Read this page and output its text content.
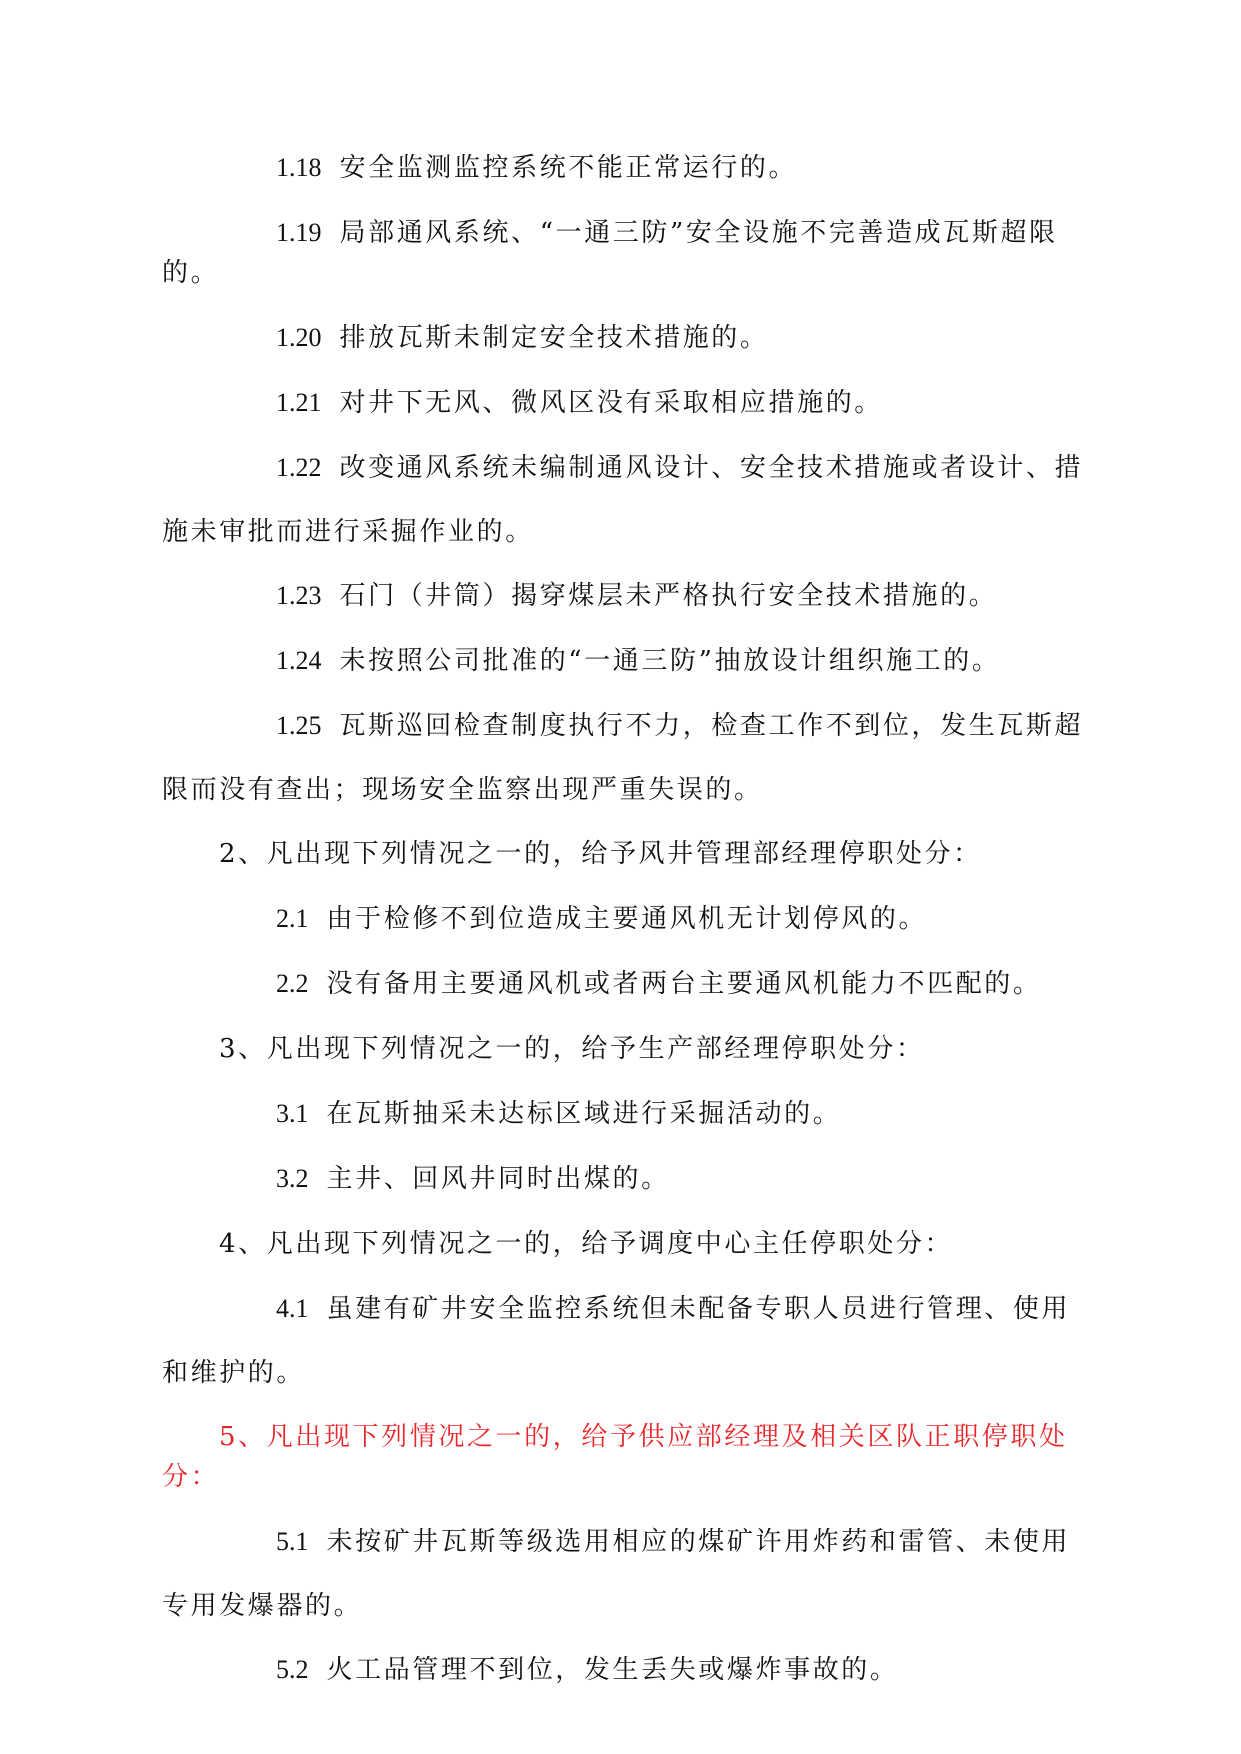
1.18 安全监测监控系统不能正常运行的。

1.19 局部通风系统、“一通三防”安全设施不完善造成瓦斯超限的。

1.20 排放瓦斯未制定安全技术措施的。

1.21 对井下无风、微风区没有采取相应措施的。

1.22 改变通风系统未编制通风设计、安全技术措施或者设计、措施未审批而进行采掘作业的。

1.23 石门（井筒）揭穿煤层未严格执行安全技术措施的。

1.24 未按照公司批准的“一通三防”抽放设计组织施工的。

1.25 瓦斯巡回检查制度执行不力，检查工作不到位，发生瓦斯超限而没有查出；现场安全监察出现严重失误的。

2、凡出现下列情况之一的，给予风井管理部经理停职处分：

2.1 由于检修不到位造成主要通风机无计划停风的。

2.2 没有备用主要通风机或者两台主要通风机能力不匹配的。

3、凡出现下列情况之一的，给予生产部经理停职处分：

3.1 在瓦斯抽采未达标区域进行采掘活动的。

3.2 主井、回风井同时出煤的。

4、凡出现下列情况之一的，给予调度中心主任停职处分：

4.1 虽建有矿井安全监控系统但未配备专职人员进行管理、使用和维护的。

5、凡出现下列情况之一的，给予供应部经理及相关区队正职停职处分：

5.1 未按矿井瓦斯等级选用相应的煤矿许用炸药和雷管、未使用专用发爆器的。

5.2 火工品管理不到位，发生丢失或爆炸事故的。
